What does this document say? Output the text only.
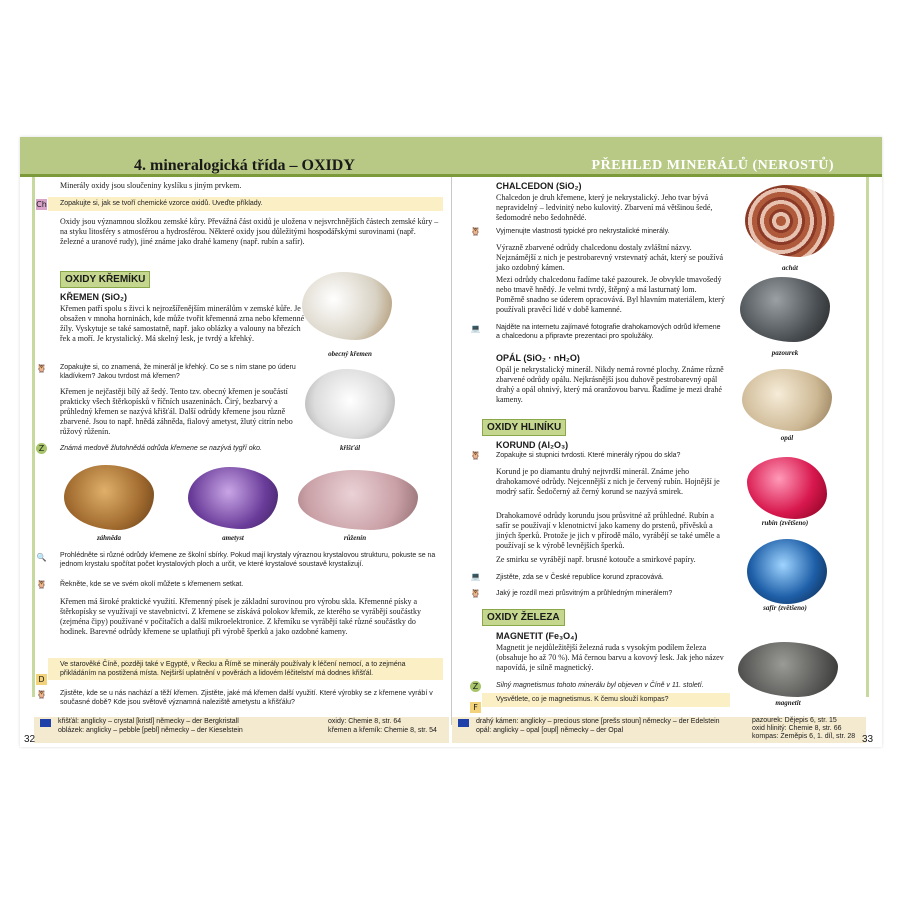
4. mineralogická třída – OXIDY	PŘEHLED MINERÁLŮ (NEROSTŮ)
Minerály oxidy jsou sloučeniny kyslíku s jiným prvkem.
Ch Zopakujte si, jak se tvoří chemické vzorce oxidů. Uveďte příklady.
Oxidy jsou významnou složkou zemské kůry. Převážná část oxidů je uložena v nejsvrchnějších částech zemské kůry – na styku litosféry s atmosférou a hydrosférou. Některé oxidy jsou důležitými hospodářskými surovinami (např. železné a uranové rudy), jiné známe jako drahé kameny (např. rubín a safír).
OXIDY KŘEMÍKU
KŘEMEN (SiO₂)
Křemen patří spolu s živci k nejrozšířenějším minerálům v zemské kůře. Je obsažen v mnoha horninách, kde může tvořit křemenná zrna nebo křemenné žíly. Vyskytuje se také samostatně, např. jako oblázky a valouny na březích řek a moří. Je krystalický. Má skelný lesk, je tvrdý a křehký.
🦉 Zopakujte si, co znamená, že minerál je křehký. Co se s ním stane po úderu kladívkem? Jakou tvrdost má křemen?
Křemen je nejčastěji bílý až šedý. Tento tzv. obecný křemen je součástí prakticky všech štěrkopísků v říčních usazeninách. Čirý, bezbarvý a průhledný křemen se nazývá křišťál. Další odrůdy křemene jsou různě zbarvené. Jsou to např. hnědá záhněda, fialový ametyst, žlutý citrín nebo růžový růženín.
Z	Známá medově žlutohnědá odrůda křemene se nazývá tygří oko.
obecný křemen
křišťál
záhněda	ametyst	růženín
🔍 Prohlédněte si různé odrůdy křemene ze školní sbírky. Pokud mají krystaly výraznou krystalovou strukturu, pokuste se na jednom krystalu spočítat počet krystalových ploch a určit, ve které krystalové soustavě krystalizují.
🦉 Řekněte, kde se ve svém okolí můžete s křemenem setkat.
Křemen má široké praktické využití. Křemenný písek je základní surovinou pro výrobu skla. Křemenné písky a štěrkopísky se využívají ve stavebnictví. Z křemene se získává polokov křemík, ze kterého se vyrábějí součástky (zejména čipy) používané v počítačích a další mikroelektronice. Z křemíku se vyrábějí také různé součástky do hodinek. Barevné odrůdy křemene se uplatňují při výrobě šperků a jako ozdobné kameny.
D
Ve starověké Číně, později také v Egyptě, v Řecku a Římě se minerály používaly k léčení nemocí, a to zejména přikládáním na postižená místa. Nejširší uplatnění v pověrách a lidovém léčitelství má dodnes křišťál.
🦉 Zjistěte, kde se u nás nachází a těží křemen. Zjistěte, jaké má křemen další využití. Které výrobky se z křemene vyrábí v současné době? Kde jsou světově významná naleziště ametystu a křišťálu?
křišťál: anglicky – crystal [kristl] německy – der Bergkristall
oblázek: anglicky – pebble [pebl] německy – der Kieselstein
oxidy: Chemie 8, str. 64
křemen a křemík: Chemie 8, str. 54
32
CHALCEDON (SiO₂)
Chalcedon je druh křemene, který je nekrystalický. Jeho tvar bývá nepravidelný – ledvinitý nebo kulovitý. Zbarvení má většinou šedé, šedomodré nebo šedohnědé.
🦉 Vyjmenujte vlastnosti typické pro nekrystalické minerály.
Výrazně zbarvené odrůdy chalcedonu dostaly zvláštní názvy. Nejznámější z nich je pestrobarevný vrstevnatý achát, který se používá jako ozdobný kámen.
Mezi odrůdy chalcedonu řadíme také pazourek. Je obvykle tmavošedý nebo tmavě hnědý. Je velmi tvrdý, štěpný a má lasturnatý lom. Poměrně snadno se úderem opracovává. Byl hlavním materiálem, který používali pravěcí lidé v době kamenné.
💻 Najděte na internetu zajímavé fotografie drahokamových odrůd křemene a chalcedonu a připravte prezentaci pro spolužáky.
OPÁL (SiO₂ · nH₂O)
Opál je nekrystalický minerál. Nikdy nemá rovné plochy. Známe různě zbarvené odrůdy opálu. Nejkrásnější jsou duhově pestrobarevný opál drahý a opál ohnivý, který má oranžovou barvu. Řadíme je mezi drahé kameny.
OXIDY HLINÍKU
KORUND (Al₂O₃)
🦉 Zopakujte si stupnici tvrdosti. Které minerály rýpou do skla?
Korund je po diamantu druhý nejtvrdší minerál. Známe jeho drahokamové odrůdy. Nejcennější z nich je červený rubín. Hojnější je modrý safír. Šedočerný až černý korund se nazývá smirek.
Drahokamové odrůdy korundu jsou průsvitné až průhledné. Rubín a safír se používají v klenotnictví jako kameny do prstenů, přívěsků a jiných šperků. Protože je jich v přírodě málo, vyrábějí se také uměle a používají se k výrobě levnějších šperků.
Ze smirku se vyrábějí např. brusné kotouče a smirkové papíry.
💻 Zjistěte, zda se v České republice korund zpracovává.
🦉 Jaký je rozdíl mezi průsvitným a průhledným minerálem?
OXIDY ŽELEZA
MAGNETIT (Fe₃O₄)
Magnetit je nejdůležitější železná ruda s vysokým podílem železa (obsahuje ho až 70 %). Má černou barvu a kovový lesk. Jak jeho název napovídá, je silně magnetický.
Z	Silný magnetismus tohoto minerálu byl objeven v Číně v 11. století.
F
Vysvětlete, co je magnetismus. K čemu slouží kompas?
achát
pazourek
opál
rubín (zvětšeno)
safír (zvětšeno)
magnetit
drahý kámen: anglicky – precious stone [prešs stoun] německy – der Edelstein
opál: anglicky – opal [oupl] německy – der Opal
pazourek: Dějepis 6, str. 15
oxid hlinitý: Chemie 8, str. 66
kompas: Zeměpis 6, 1. díl, str. 28 33
